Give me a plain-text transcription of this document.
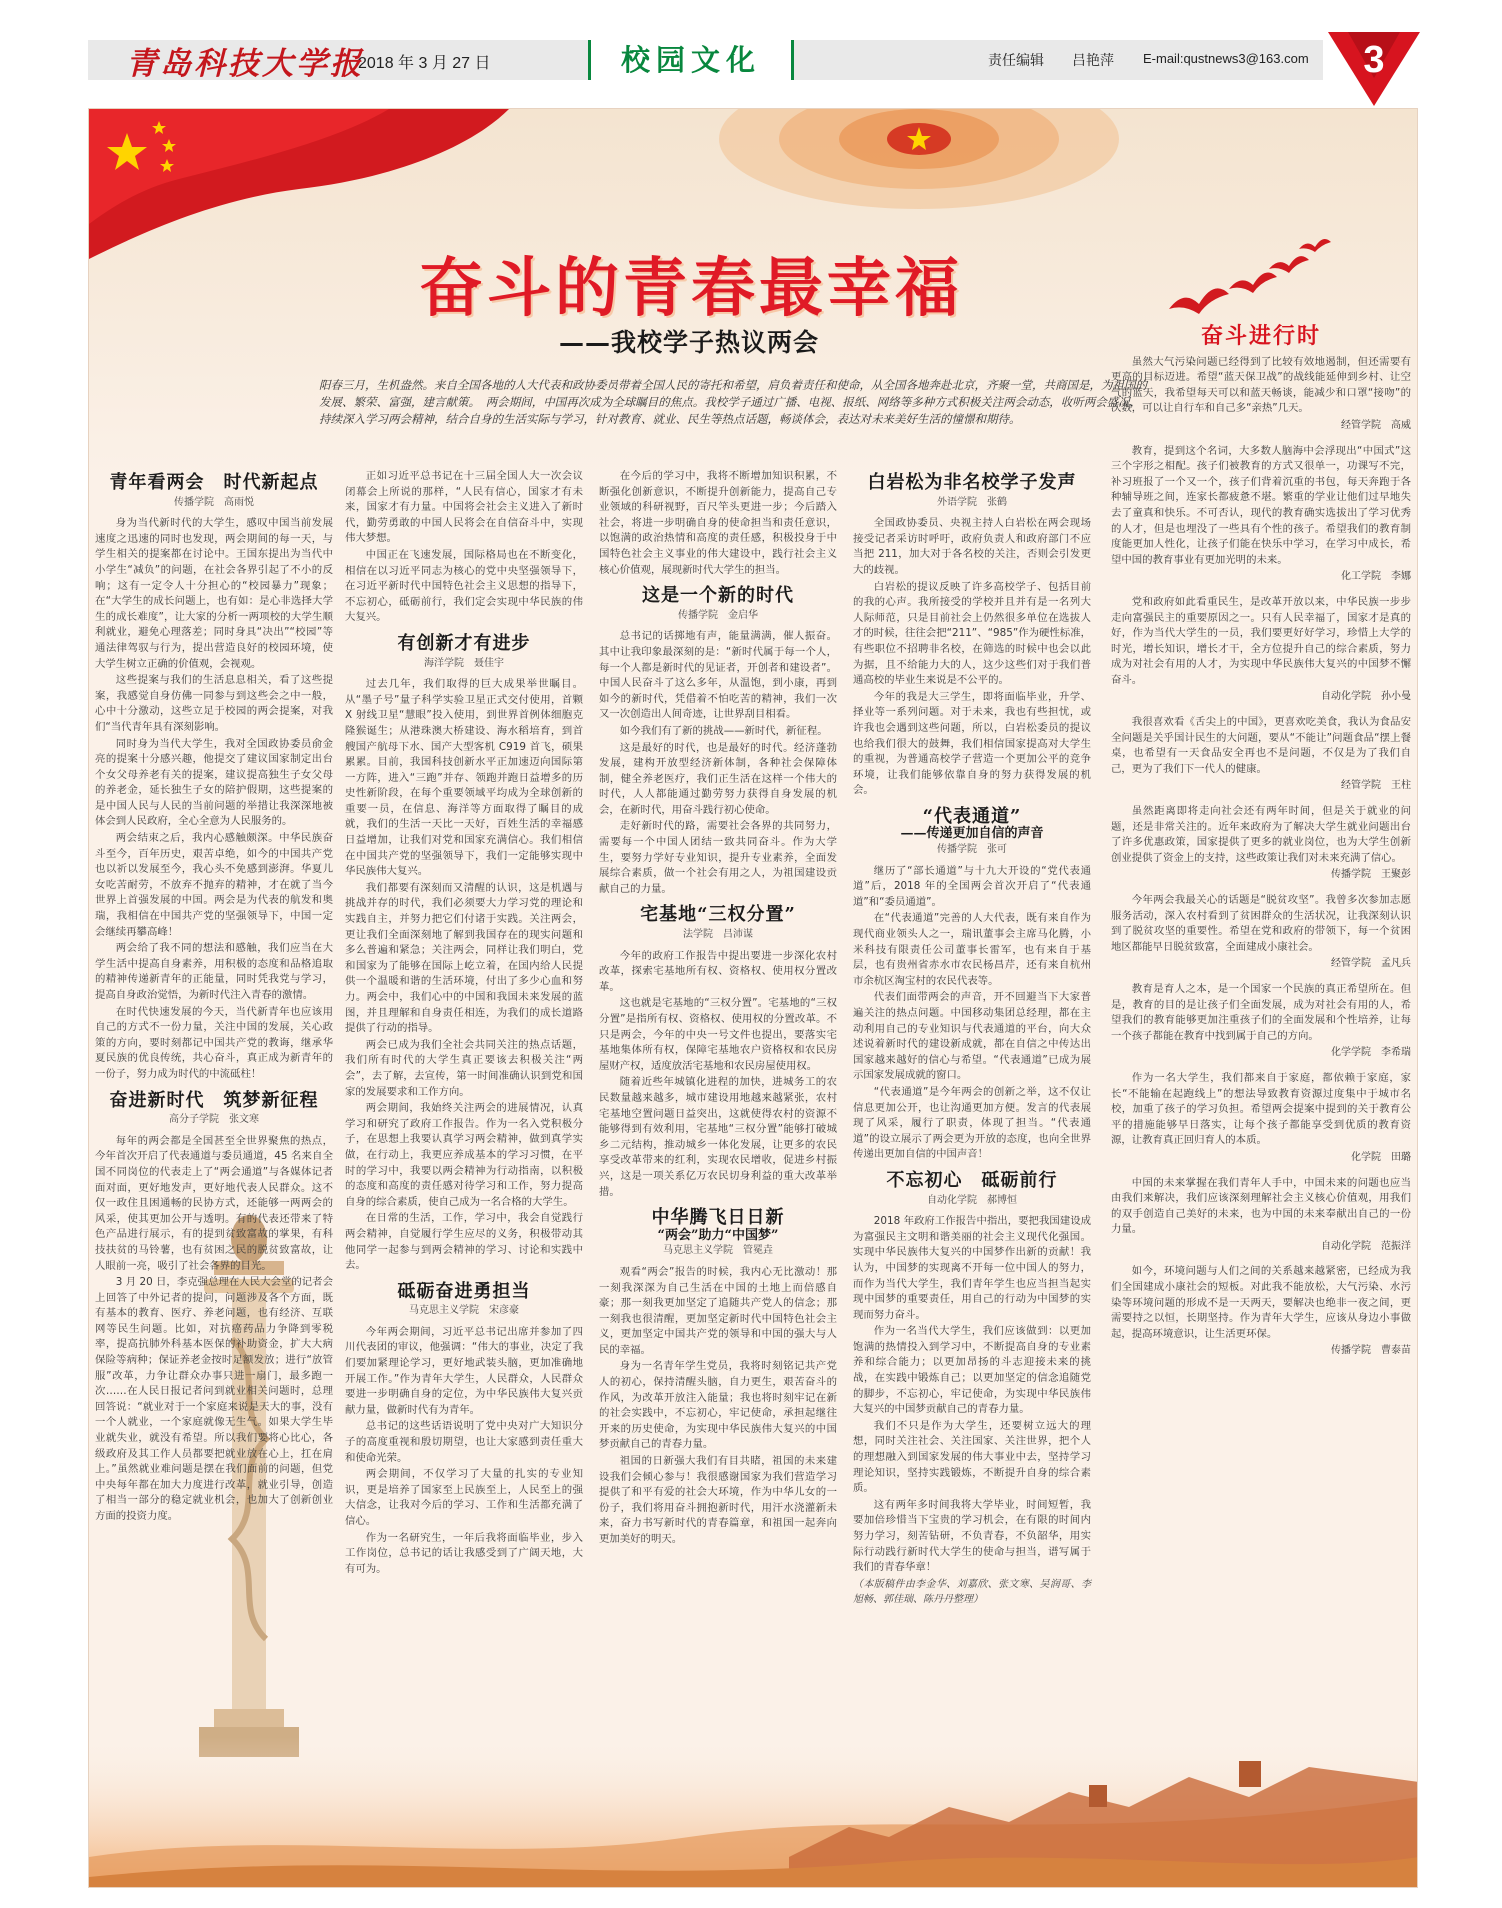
青岛科技大学报
2018 年 3 月 27 日	校园文化	责任编辑　　吕艳萍 E-mail:qustnews3@163.com 3
奋斗的青春最幸福
——我校学子热议两会
阳春三月，生机盎然。来自全国各地的人大代表和政协委员带着全国人民的寄托和希望，肩负着责任和使命，从全国各地奔赴北京，齐聚一堂，共商国是，为祖国的发展、繁荣、富强，建言献策。　两会期间，中国再次成为全球瞩目的焦点。我校学子通过广播、电视、报纸、网络等多种方式积极关注两会动态，收听两会盛况，持续深入学习两会精神，结合自身的生活实际与学习，针对教育、就业、民生等热点话题，畅谈体会，表达对未来美好生活的憧憬和期待。
青年看两会　时代新起点
传播学院　高雨悦
身为当代新时代的大学生，感叹中国当前发展速度之迅速的同时也发现，两会期间的每一天，与学生相关的提案都在讨论中。王国东提出为当代中小学生“减负”的问题，在社会各界引起了不小的反响；这有一定令人十分担心的“校园暴力”现象；在“大学生的成长问题上，也有如：是心非选择大学生的成长难度”，让大家的分析一两项校的大学生顺利就业，避免心理落差；同时身具“决出”“校园”等通法律驾驭与行为，提出营造良好的校园环境，使大学生树立正确的价值观，会视观。
这些提案与我们的生活息息相关，看了这些提案，我感觉自身仿佛一同参与到这些会之中一般，心中十分激动，这些立足于校园的两会提案，对我们“当代青年具有深刻影响。
同时身为当代大学生，我对全国政协委员俞金亮的提案十分感兴趣，他提交了建议国家制定出台个女父母养老有关的提案，建议提高独生子女父母的养老金，延长独生子女的陪护假期，这些提案的是中国人民与人民的当前问题的举措让我深深地被体会到人民政府，全心全意为人民服务的。
两会结束之后，我内心感触颇深。中华民族奋斗至今，百年历史，艰苦卓绝，如今的中国共产党也以祈以发展至今，我心头不免感到澎湃。华夏儿女吃苦耐劳，不放弃不抛弃的精神，才在就了当今世界上首强发展的中国。两会是为代表的航发和奥瑞，我相信在中国共产党的坚强领导下，中国一定会继续再攀高峰！
两会给了我不同的想法和感触，我们应当在大学生活中提高自身素养，用积极的态度和品格追取的精神传递新青年的正能量，同时凭我党与学习，提高自身政治觉悟，为新时代注入青春的激情。
在时代快速发展的今天，当代新青年也应该用自己的方式不一份力量，关注中国的发展，关心政策的方向，要时刻都记中国共产党的教诲，继承华夏民族的优良传统，共心奋斗，真正成为新青年的一份子，努力成为时代的中流砥柱！
奋进新时代　筑梦新征程
高分子学院　张文寒
每年的两会都是全国甚至全世界聚焦的热点，今年首次开启了代表通道与委员通道，45 名来自全国不同岗位的代表走上了“两会通道”与各媒体记者面对面，更好地发声，更好地代表人民群众。这不仅一政住且困通畅的民协方式，还能够一两两会的风采，使其更加公开与透明。有的代表还带来了特色产品进行展示，有的提到贫致富故的掌果，有科技扶贫的马铃薯，也有贫困之民的脱贫致富故，让人眼前一亮，吸引了社会各界的目光。
3 月 20 日，李克强总理在人民大会堂的记者会上回答了中外记者的提问，问题涉及各个方面，既有基本的教育、医疗、养老问题，也有经济、互联网等民生问题。比如，对抗癌药品力争降到零税率，提高抗肺外科基本医保的补助资金，扩大大病保险等病种；保证养老金按时足额发放；进行“放管服”改革，力争让群众办事只进一扇门，最多跑一次……在人民日报记者问到就业相关问题时，总理回答说：“就业对于一个家庭来说是天大的事，没有一个人就业，一个家庭就像无生气。如果大学生毕业就失业，就没有希望。所以我们要将心比心，各级政府及其工作人员都要把就业放在心上，扛在肩上。”虽然就业难问题是摆在我们面前的问题，但党中央每年都在加大力度进行改革，就业引导，创造了相当一部分的稳定就业机会，也加大了创新创业方面的投资力度。
正如习近平总书记在十三届全国人大一次会议闭幕会上所说的那样，“人民有信心，国家才有未来，国家才有力量。中国将会社会主义进入了新时代，勤劳勇敢的中国人民将会在自信奋斗中，实现伟大梦想。
中国正在飞速发展，国际格局也在不断变化，相信在以习近平同志为核心的党中央坚强领导下，在习近平新时代中国特色社会主义思想的指导下，不忘初心，砥砺前行，我们定会实现中华民族的伟大复兴。
有创新才有进步
海洋学院　聂佳宇
过去几年，我们取得的巨大成果举世瞩目。从“墨子号”量子科学实验卫星正式交付使用，首颗 X 射线卫星“慧眼”投入使用，到世界首例体细胞克隆猴诞生；从港珠澳大桥建设、海水稻培育，到首艘国产航母下水、国产大型客机 C919 首飞，硕果累累。目前，我国科技创新水平正加速迈向国际第一方阵，进入“三跑”并存、领跑并跑日益增多的历史性新阶段，在每个重要领域平均成为全球创新的重要一员，在信息、海洋等方面取得了瞩目的成就，我们的生活一天比一天好，百姓生活的幸福感日益增加，让我们对党和国家充满信心。我们相信在中国共产党的坚强领导下，我们一定能够实现中华民族伟大复兴。
我们都要有深刻而又清醒的认识，这是机遇与挑战并存的时代，我们必须要大力学习党的理论和实践自主，并努力把它们付诸于实践。关注两会，更让我们全面深刻地了解到我国存在的现实问题和多么普遍和紧急；关注两会，同样让我们明白，党和国家为了能够在国际上屹立着，在国内给人民提供一个温暖和谐的生活环境，付出了多少心血和努力。两会中，我们心中的中国和我国未来发展的蓝图，并且理解和自身责任相连，为我们的成长道路提供了行动的指导。
两会已成为我们全社会共同关注的热点话题，我们所有时代的大学生真正要该去积极关注“两会”，去了解，去宣传，第一时间准确认识到党和国家的发展要求和工作方向。
两会期间，我始终关注两会的进展情况，认真学习和研究了政府工作报告。作为一名入党积极分子，在思想上我要认真学习两会精神，做到真学实做，在行动上，我更应养成基本的学习习惯，在平时的学习中，我要以两会精神为行动指南，以积极的态度和高度的责任感对待学习和工作，努力提高自身的综合素质，使自己成为一名合格的大学生。
在日常的生活，工作，学习中，我会自觉践行两会精神，自觉履行学生应尽的义务，积极带动其他同学一起参与到两会精神的学习、讨论和实践中去。
砥砺奋进勇担当
马克思主义学院　宋彦豪
今年两会期间，习近平总书记出席并参加了四川代表团的审议，他强调：“伟大的事业，决定了我们要加紧理论学习，更好地武装头脑，更加准确地开展工作。”作为青年大学生，人民群众，人民群众要进一步明确自身的定位，为中华民族伟大复兴贡献力量，做新时代有为青年。
总书记的这些话语说明了党中央对广大知识分子的高度重视和殷切期望，也让大家感到责任重大和使命光荣。
两会期间，不仅学习了大量的扎实的专业知识，更是培养了国家至上民族至上，人民至上的强大信念，让我对今后的学习、工作和生活都充满了信心。
作为一名研究生，一年后我将面临毕业，步入工作岗位，总书记的话让我感受到了广阔天地，大有可为。
在今后的学习中，我将不断增加知识积累，不断强化创新意识，不断提升创新能力，提高自己专业领域的科研视野，百尺竿头更进一步；今后踏入社会，将进一步明确自身的使命担当和责任意识，以饱满的政治热情和高度的责任感，积极投身于中国特色社会主义事业的伟大建设中，践行社会主义核心价值观，展现新时代大学生的担当。
这是一个新的时代
传播学院　金启华
总书记的话掷地有声，能量满满，催人振奋。其中让我印象最深刻的是：“新时代属于每一个人，每一个人都是新时代的见证者，开创者和建设者”。中国人民奋斗了这么多年，从温饱，到小康，再到如今的新时代，凭借着不怕吃苦的精神，我们一次又一次创造出人间奇迹，让世界刮目相看。
如今我们有了新的挑战——新时代，新征程。
这是最好的时代，也是最好的时代。经济蓬勃发展，建构开放型经济新体制，各种社会保障体制，健全养老医疗，我们正生活在这样一个伟大的时代，人人都能通过勤劳努力获得自身发展的机会，在新时代，用奋斗践行初心使命。
走好新时代的路，需要社会各界的共同努力，需要每一个中国人团结一致共同奋斗。作为大学生，要努力学好专业知识，提升专业素养，全面发展综合素质，做一个社会有用之人，为祖国建设贡献自己的力量。
宅基地“三权分置”
法学院　吕沛谋
今年的政府工作报告中提出要进一步深化农村改革，探索宅基地所有权、资格权、使用权分置改革。
这也就是宅基地的“三权分置”。宅基地的“三权分置”是指所有权、资格权、使用权的分置改革。不只是两会，今年的中央一号文件也提出，要落实宅基地集体所有权，保障宅基地农户资格权和农民房屋财产权，适度放活宅基地和农民房屋使用权。
随着近些年城镇化进程的加快，进城务工的农民数量越来越多，城市建设用地越来越紧张，农村宅基地空置问题日益突出，这就使得农村的资源不能够得到有效利用，宅基地“三权分置”能够打破城乡二元结构，推动城乡一体化发展，让更多的农民享受改革带来的红利，实现农民增收，促进乡村振兴，这是一项关系亿万农民切身利益的重大改革举措。
中华腾飞日日新
“两会”助力“中国梦”
马克思主义学院　管冕垚
观看“两会”报告的时候，我内心无比激动！那一刻我深深为自己生活在中国的土地上而倍感自豪；那一刻我更加坚定了追随共产党人的信念；那一刻我也很清醒，更加坚定新时代中国特色社会主义，更加坚定中国共产党的领导和中国的强大与人民的幸福。
身为一名青年学生党员，我将时刻铭记共产党人的初心，保持清醒头脑，自力更生，艰苦奋斗的作风，为改革开放注入能量；我也将时刻牢记在新的社会实践中，不忘初心，牢记使命，承担起继往开来的历史使命，为实现中华民族伟大复兴的中国梦贡献自己的青春力量。
祖国的日新强大我们有目共睹，祖国的未来建设我们会倾心参与！我很感谢国家为我们营造学习提供了和平有爱的社会大环境，作为中华儿女的一份子，我们将用奋斗拥抱新时代，用汗水浇灌新未来，奋力书写新时代的青春篇章，和祖国一起奔向更加美好的明天。
白岩松为非名校学子发声
外语学院　张鹤
全国政协委员、央视主持人白岩松在两会现场接受记者采访时呼吁，政府负责人和政府部门不应当把 211，加大对于各名校的关注，否则会引发更大的歧视。
白岩松的提议反映了许多高校学子、包括目前的我的心声。我所接受的学校并且并有是一名列大人际师范，只是目前社会上仍然很多单位在选拔人才的时候，往往会把“211”、“985”作为硬性标准，有些职位不招聘非名校，在筛选的时候中也会以此为据，且不给能力大的人，这少这些们对于我们普通高校的毕业生来说是不公平的。
今年的我是大三学生，即将面临毕业，升学、择业等一系列问题。对于未来，我也有些担忧，或许我也会遇到这些问题，所以，白岩松委员的提议也给我们很大的鼓舞，我们相信国家提高对大学生的重视，为普通高校学子营造一个更加公平的竞争环境，让我们能够依靠自身的努力获得发展的机会。
“代表通道”
——传递更加自信的声音
传播学院　张可
继历了“部长通道”与十九大开设的“党代表通道”后，2018 年的全国两会首次开启了“代表通道”和“委员通道”。
在“代表通道”完善的人大代表，既有来自作为现代商业领头人之一，瑞讯董事会主席马化腾，小米科技有限责任公司董事长雷军，也有来自于基层，也有贵州省赤水市农民杨昌芹，还有来自杭州市余杭区淘宝村的农民代表等。
代表们面带两会的声音，开不回避当下大家普遍关注的热点问题。中国移动集团总经理，都在主动利用自己的专业知识与代表通道的平台，向大众述说着新时代的建设新成就，都在自信之中传达出国家越来越好的信心与希望。“代表通道”已成为展示国家发展成就的窗口。
“代表通道”是今年两会的创新之举，这不仅让信息更加公开，也让沟通更加方便。发言的代表展现了风采，履行了职责，体现了担当。“代表通道”的设立展示了两会更为开放的态度，也向全世界传递出更加自信的中国声音！
不忘初心　砥砺前行
自动化学院　郝博恒
2018 年政府工作报告中指出，要把我国建设成为富强民主文明和谐美丽的社会主义现代化强国。实现中华民族伟大复兴的中国梦作出新的贡献！我认为，中国梦的实现离不开每一位中国人的努力，而作为当代大学生，我们青年学生也应当担当起实现中国梦的重要责任，用自己的行动为中国梦的实现而努力奋斗。
作为一名当代大学生，我们应该做到：以更加饱满的热情投入到学习中，不断提高自身的专业素养和综合能力；以更加昂扬的斗志迎接未来的挑战，在实践中锻炼自己；以更加坚定的信念追随党的脚步，不忘初心，牢记使命，为实现中华民族伟大复兴的中国梦贡献自己的青春力量。
我们不只是作为大学生，还要树立远大的理想，同时关注社会、关注国家、关注世界，把个人的理想融入到国家发展的伟大事业中去，坚持学习理论知识，坚持实践锻炼，不断提升自身的综合素质。
这有两年多时间我将大学毕业，时间短暂，我要加倍珍惜当下宝贵的学习机会，在有限的时间内努力学习，刻苦钻研，不负青春，不负韶华，用实际行动践行新时代大学生的使命与担当，谱写属于我们的青春华章！
（本版稿件由李金华、刘嘉欣、张文寒、吴润哥、李旭畅、郭佳瑞、陈丹丹整理）
奋斗进行时
虽然大气污染问题已经得到了比较有效地遏制，但还需要有更高的目标迈进。希望“蓝天保卫战”的战线能延伸到乡村、让空气的蓝天，我希望每天可以和蓝天畅谈，能减少和口罩“接吻”的次数，可以让自行车和自己多“亲热”几天。
经管学院　高威
教育，提到这个名词，大多数人脑海中会浮现出“中国式”这三个字形之相配。孩子们被教育的方式又很单一，功课写不完，补习班报了一个又一个，孩子们背着沉重的书包，每天奔跑于各种辅导班之间，连家长都疲惫不堪。繁重的学业让他们过早地失去了童真和快乐。不可否认，现代的教育确实选拔出了学习优秀的人才，但是也埋没了一些具有个性的孩子。希望我们的教育制度能更加人性化，让孩子们能在快乐中学习，在学习中成长，希望中国的教育事业有更加光明的未来。
化工学院　李娜
党和政府如此看重民生，是改革开放以来，中华民族一步步走向富强民主的重要原因之一。只有人民幸福了，国家才是真的好，作为当代大学生的一员，我们要更好好学习，珍惜上大学的时光，增长知识，增长才干，全方位提升自己的综合素质，努力成为对社会有用的人才，为实现中华民族伟大复兴的中国梦不懈奋斗。
自动化学院　孙小曼
我很喜欢看《舌尖上的中国》，更喜欢吃美食，我认为食品安全问题是关乎国计民生的大问题，要从“不能让”问题食品“摆上餐桌，也希望有一天食品安全再也不是问题，不仅是为了我们自己，更为了我们下一代人的健康。
经管学院　王柱
虽然距离即将走向社会还有两年时间，但是关于就业的问题，还是非常关注的。近年来政府为了解决大学生就业问题出台了许多优惠政策，国家提供了更多的就业岗位，也为大学生创新创业提供了资金上的支持，这些政策让我们对未来充满了信心。
传播学院　王聚彭
今年两会我最关心的话题是“脱贫攻坚”。我曾多次参加志愿服务活动，深入农村看到了贫困群众的生活状况，让我深刻认识到了脱贫攻坚的重要性。希望在党和政府的带领下，每一个贫困地区都能早日脱贫致富，全面建成小康社会。
经管学院　孟凡兵
教育是育人之本，是一个国家一个民族的真正希望所在。但是，教育的目的是让孩子们全面发展，成为对社会有用的人，希望我们的教育能够更加注重孩子们的全面发展和个性培养，让每一个孩子都能在教育中找到属于自己的方向。
化学学院　李希瑞
作为一名大学生，我们都来自于家庭，都依赖于家庭，家长“不能输在起跑线上”的想法导致教育资源过度集中于城市名校，加重了孩子的学习负担。希望两会提案中提到的关于教育公平的措施能够早日落实，让每个孩子都能享受到优质的教育资源，让教育真正回归育人的本质。
化学院　田璐
中国的未来掌握在我们青年人手中，中国未来的问题也应当由我们来解决，我们应该深刻理解社会主义核心价值观，用我们的双手创造自己美好的未来，也为中国的未来奉献出自己的一份力量。
自动化学院　范振洋
如今，环境问题与人们之间的关系越来越紧密，已经成为我们全国建成小康社会的短板。对此我不能放松，大气污染、水污染等环境问题的形成不是一天两天，要解决也绝非一夜之间，更需要持之以恒，长期坚持。作为青年大学生，应该从身边小事做起，提高环境意识，让生活更环保。
传播学院　曹泰苗
